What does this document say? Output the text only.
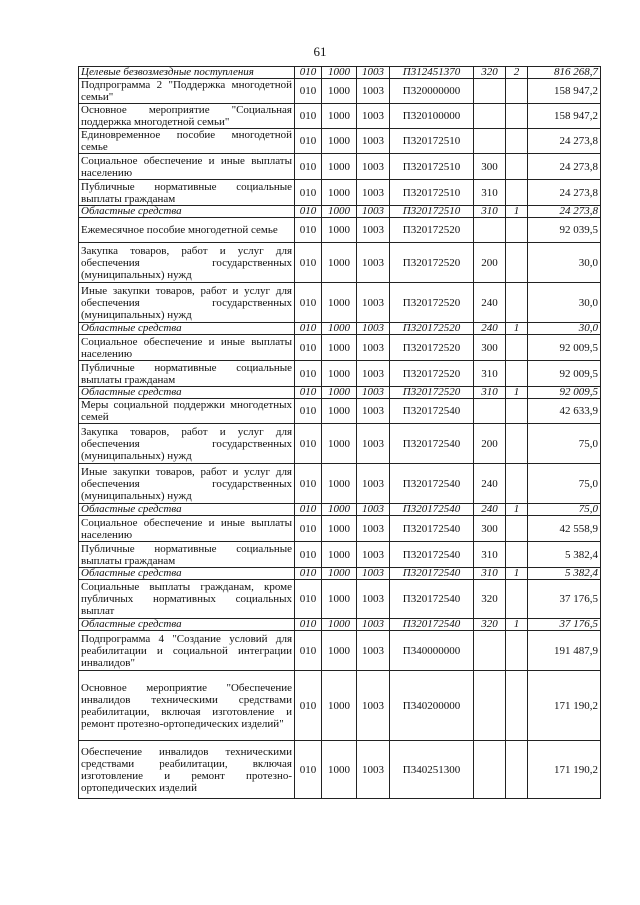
61
Целевые безвозмездные поступления	010	1000	1003	П312451370	320	2	816 268,7
Подпрограмма 2 "Поддержка многодетной семьи"	010	1000	1003	П320000000			158 947,2
Основное мероприятие "Социальная поддержка многодетной семьи"	010	1000	1003	П320100000			158 947,2
Единовременное пособие многодетной семье	010	1000	1003	П320172510			24 273,8
Социальное обеспечение и иные выплаты населению	010	1000	1003	П320172510	300		24 273,8
Публичные нормативные социальные выплаты гражданам	010	1000	1003	П320172510	310		24 273,8
Областные средства	010	1000	1003	П320172510	310	1	24 273,8
Ежемесячное пособие многодетной семье	010	1000	1003	П320172520			92 039,5
Закупка товаров, работ и услуг для обеспечения государственных (муниципальных) нужд	010	1000	1003	П320172520	200		30,0
Иные закупки товаров, работ и услуг для обеспечения государственных (муниципальных) нужд	010	1000	1003	П320172520	240		30,0
Областные средства	010	1000	1003	П320172520	240	1	30,0
Социальное обеспечение и иные выплаты населению	010	1000	1003	П320172520	300		92 009,5
Публичные нормативные социальные выплаты гражданам	010	1000	1003	П320172520	310		92 009,5
Областные средства	010	1000	1003	П320172520	310	1	92 009,5
Меры социальной поддержки многодетных семей	010	1000	1003	П320172540			42 633,9
Закупка товаров, работ и услуг для обеспечения государственных (муниципальных) нужд	010	1000	1003	П320172540	200		75,0
Иные закупки товаров, работ и услуг для обеспечения государственных (муниципальных) нужд	010	1000	1003	П320172540	240		75,0
Областные средства	010	1000	1003	П320172540	240	1	75,0
Социальное обеспечение и иные выплаты населению	010	1000	1003	П320172540	300		42 558,9
Публичные нормативные социальные выплаты гражданам	010	1000	1003	П320172540	310		5 382,4
Областные средства	010	1000	1003	П320172540	310	1	5 382,4
Социальные выплаты гражданам, кроме публичных нормативных социальных выплат	010	1000	1003	П320172540	320		37 176,5
Областные средства	010	1000	1003	П320172540	320	1	37 176,5
Подпрограмма 4 "Создание условий для реабилитации и социальной интеграции инвалидов"	010	1000	1003	П340000000			191 487,9
Основное мероприятие "Обеспечение инвалидов техническими средствами реабилитации, включая изготовление и ремонт протезно-ортопедических изделий"	010	1000	1003	П340200000			171 190,2
Обеспечение инвалидов техническими средствами реабилитации, включая изготовление и ремонт протезно-ортопедических изделий	010	1000	1003	П340251300			171 190,2
